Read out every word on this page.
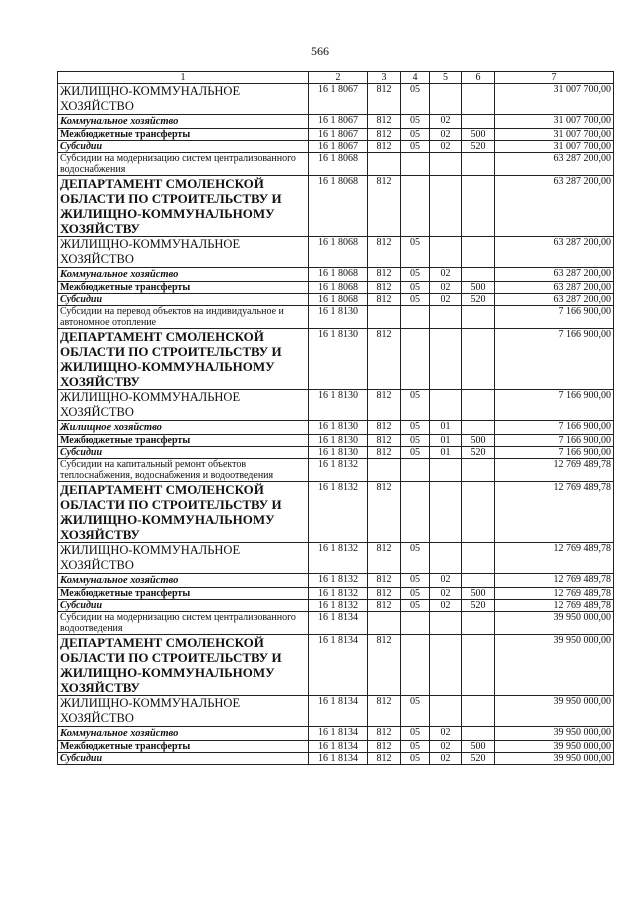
566
1	2	3	4	5	6	7
ЖИЛИЩНО-КОММУНАЛЬНОЕ ХОЗЯЙСТВО	16 1 8067	812	05			31 007 700,00
Коммунальное хозяйство	16 1 8067	812	05	02		31 007 700,00
Межбюджетные трансферты	16 1 8067	812	05	02	500	31 007 700,00
Субсидии	16 1 8067	812	05	02	520	31 007 700,00
Субсидии на модернизацию систем централизованного водоснабжения	16 1 8068					63 287 200,00
ДЕПАРТАМЕНТ СМОЛЕНСКОЙ ОБЛАСТИ ПО СТРОИТЕЛЬСТВУ И ЖИЛИЩНО-КОММУНАЛЬНОМУ ХОЗЯЙСТВУ	16 1 8068	812				63 287 200,00
ЖИЛИЩНО-КОММУНАЛЬНОЕ ХОЗЯЙСТВО	16 1 8068	812	05			63 287 200,00
Коммунальное хозяйство	16 1 8068	812	05	02		63 287 200,00
Межбюджетные трансферты	16 1 8068	812	05	02	500	63 287 200,00
Субсидии	16 1 8068	812	05	02	520	63 287 200,00
Субсидии на перевод объектов на индивидуальное и автономное отопление	16 1 8130					7 166 900,00
ДЕПАРТАМЕНТ СМОЛЕНСКОЙ ОБЛАСТИ ПО СТРОИТЕЛЬСТВУ И ЖИЛИЩНО-КОММУНАЛЬНОМУ ХОЗЯЙСТВУ	16 1 8130	812				7 166 900,00
ЖИЛИЩНО-КОММУНАЛЬНОЕ ХОЗЯЙСТВО	16 1 8130	812	05			7 166 900,00
Жилищное хозяйство	16 1 8130	812	05	01		7 166 900,00
Межбюджетные трансферты	16 1 8130	812	05	01	500	7 166 900,00
Субсидии	16 1 8130	812	05	01	520	7 166 900,00
Субсидии на капитальный ремонт объектов теплоснабжения, водоснабжения и водоотведения	16 1 8132					12 769 489,78
ДЕПАРТАМЕНТ СМОЛЕНСКОЙ ОБЛАСТИ ПО СТРОИТЕЛЬСТВУ И ЖИЛИЩНО-КОММУНАЛЬНОМУ ХОЗЯЙСТВУ	16 1 8132	812				12 769 489,78
ЖИЛИЩНО-КОММУНАЛЬНОЕ ХОЗЯЙСТВО	16 1 8132	812	05			12 769 489,78
Коммунальное хозяйство	16 1 8132	812	05	02		12 769 489,78
Межбюджетные трансферты	16 1 8132	812	05	02	500	12 769 489,78
Субсидии	16 1 8132	812	05	02	520	12 769 489,78
Субсидии на модернизацию систем централизованного водоотведения	16 1 8134					39 950 000,00
ДЕПАРТАМЕНТ СМОЛЕНСКОЙ ОБЛАСТИ ПО СТРОИТЕЛЬСТВУ И ЖИЛИЩНО-КОММУНАЛЬНОМУ ХОЗЯЙСТВУ	16 1 8134	812				39 950 000,00
ЖИЛИЩНО-КОММУНАЛЬНОЕ ХОЗЯЙСТВО	16 1 8134	812	05			39 950 000,00
Коммунальное хозяйство	16 1 8134	812	05	02		39 950 000,00
Межбюджетные трансферты	16 1 8134	812	05	02	500	39 950 000,00
Субсидии	16 1 8134	812	05	02	520	39 950 000,00
